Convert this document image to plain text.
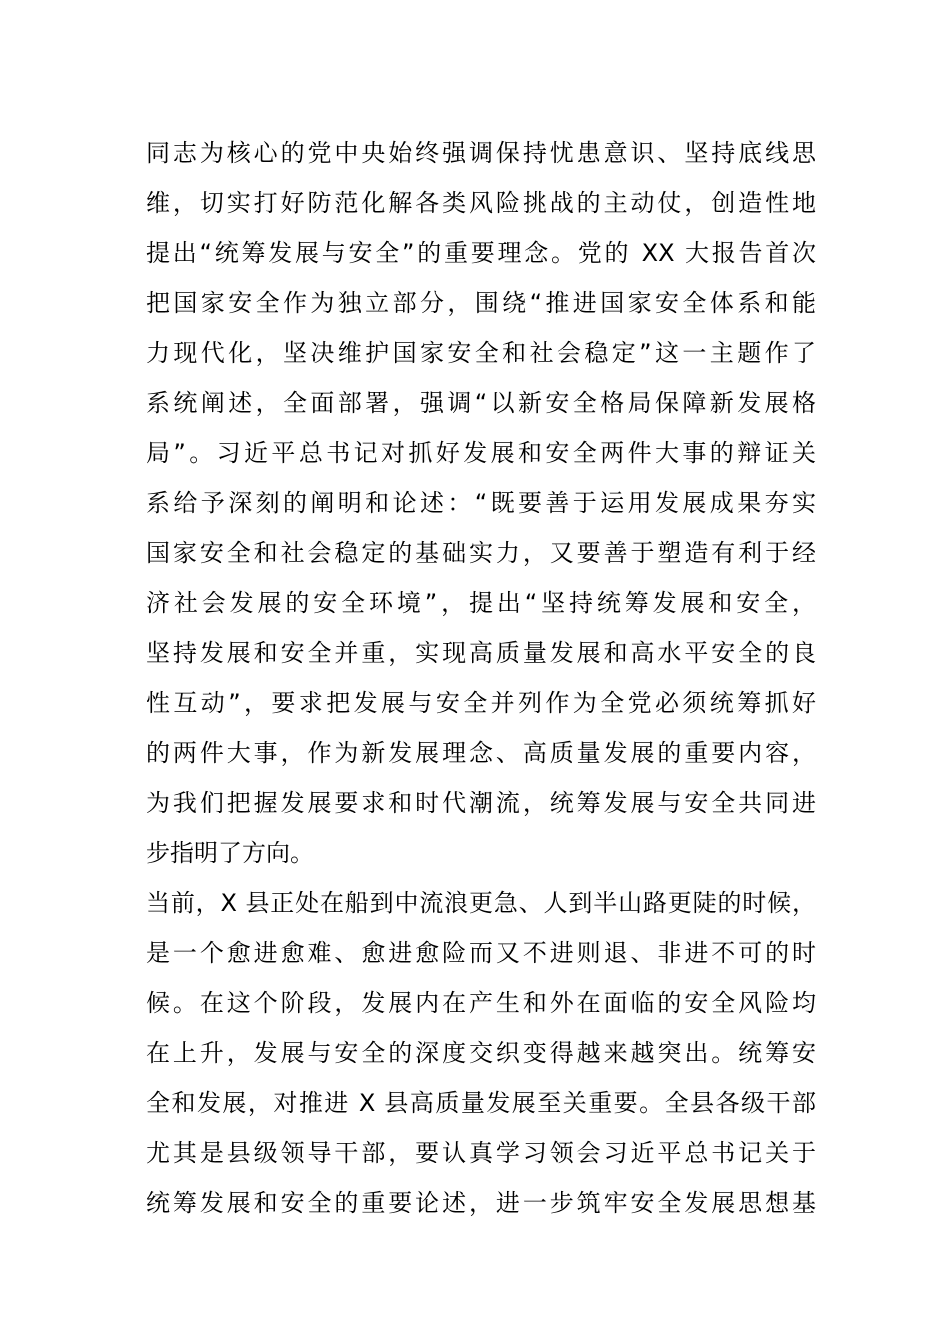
同志为核心的党中央始终强调保持忧患意识、坚持底线思
维，切实打好防范化解各类风险挑战的主动仗，创造性地
提出“统筹发展与安全”的重要理念。党的 XX 大报告首次
把国家安全作为独立部分，围绕“推进国家安全体系和能
力现代化，坚决维护国家安全和社会稳定”这一主题作了
系统阐述，全面部署，强调“以新安全格局保障新发展格
局”。习近平总书记对抓好发展和安全两件大事的辩证关
系给予深刻的阐明和论述：“既要善于运用发展成果夯实
国家安全和社会稳定的基础实力，又要善于塑造有利于经
济社会发展的安全环境”，提出“坚持统筹发展和安全，
坚持发展和安全并重，实现高质量发展和高水平安全的良
性互动”，要求把发展与安全并列作为全党必须统筹抓好
的两件大事，作为新发展理念、高质量发展的重要内容，
为我们把握发展要求和时代潮流，统筹发展与安全共同进
步指明了方向。
当前，X 县正处在船到中流浪更急、人到半山路更陡的时候，
是一个愈进愈难、愈进愈险而又不进则退、非进不可的时
候。在这个阶段，发展内在产生和外在面临的安全风险均
在上升，发展与安全的深度交织变得越来越突出。统筹安
全和发展，对推进 X 县高质量发展至关重要。全县各级干部
尤其是县级领导干部，要认真学习领会习近平总书记关于
统筹发展和安全的重要论述，进一步筑牢安全发展思想基
